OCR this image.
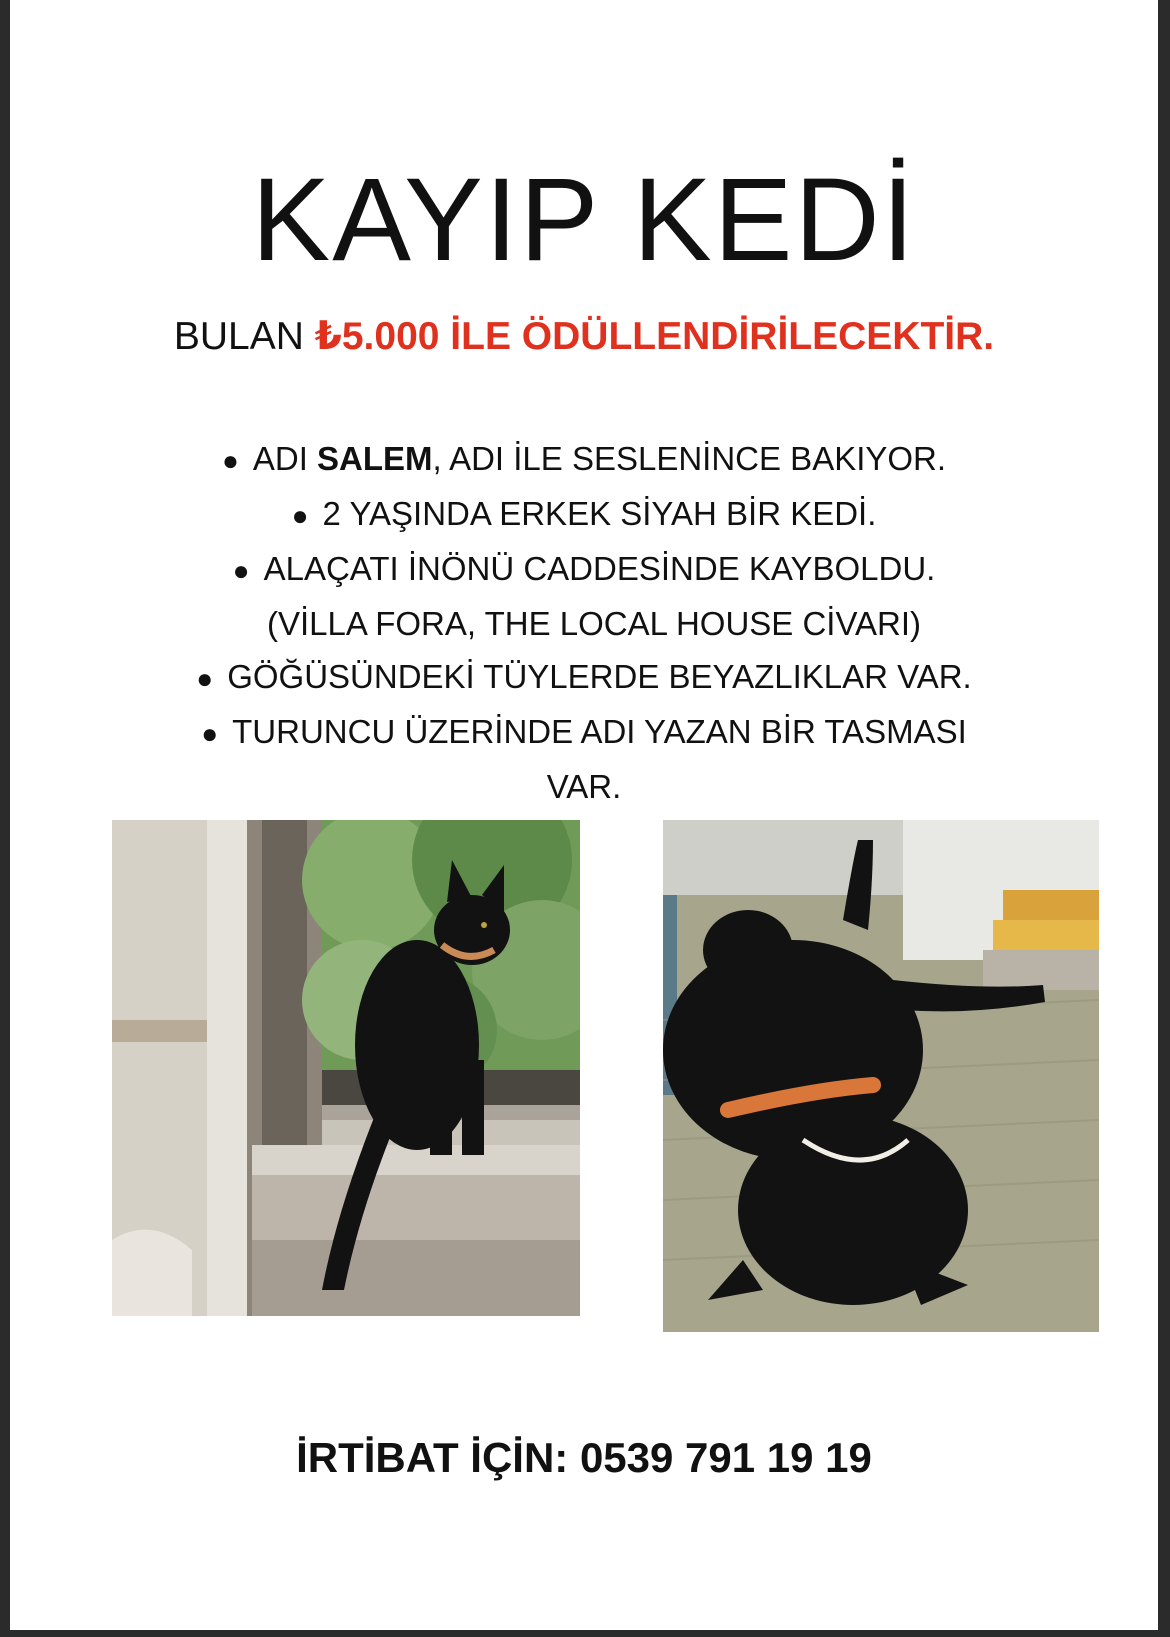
KAYIP KEDİ
BULAN ₺5.000 İLE ÖDÜLLENDİRİLECEKTİR.
● ADI SALEM, ADI İLE SESLENİNCE BAKIYOR.
● 2 YAŞINDA ERKEK SİYAH BİR KEDİ.
● ALAÇATI İNÖNÜ CADDESİNDE KAYBOLDU.
(VİLLA FORA, THE LOCAL HOUSE CİVARI)
● GÖĞÜSÜNDEKİ TÜYLERDE BEYAZLIKLAR VAR.
● TURUNCU ÜZERİNDE ADI YAZAN BİR TASMASI
VAR.
İRTİBAT İÇİN: 0539 791 19 19
